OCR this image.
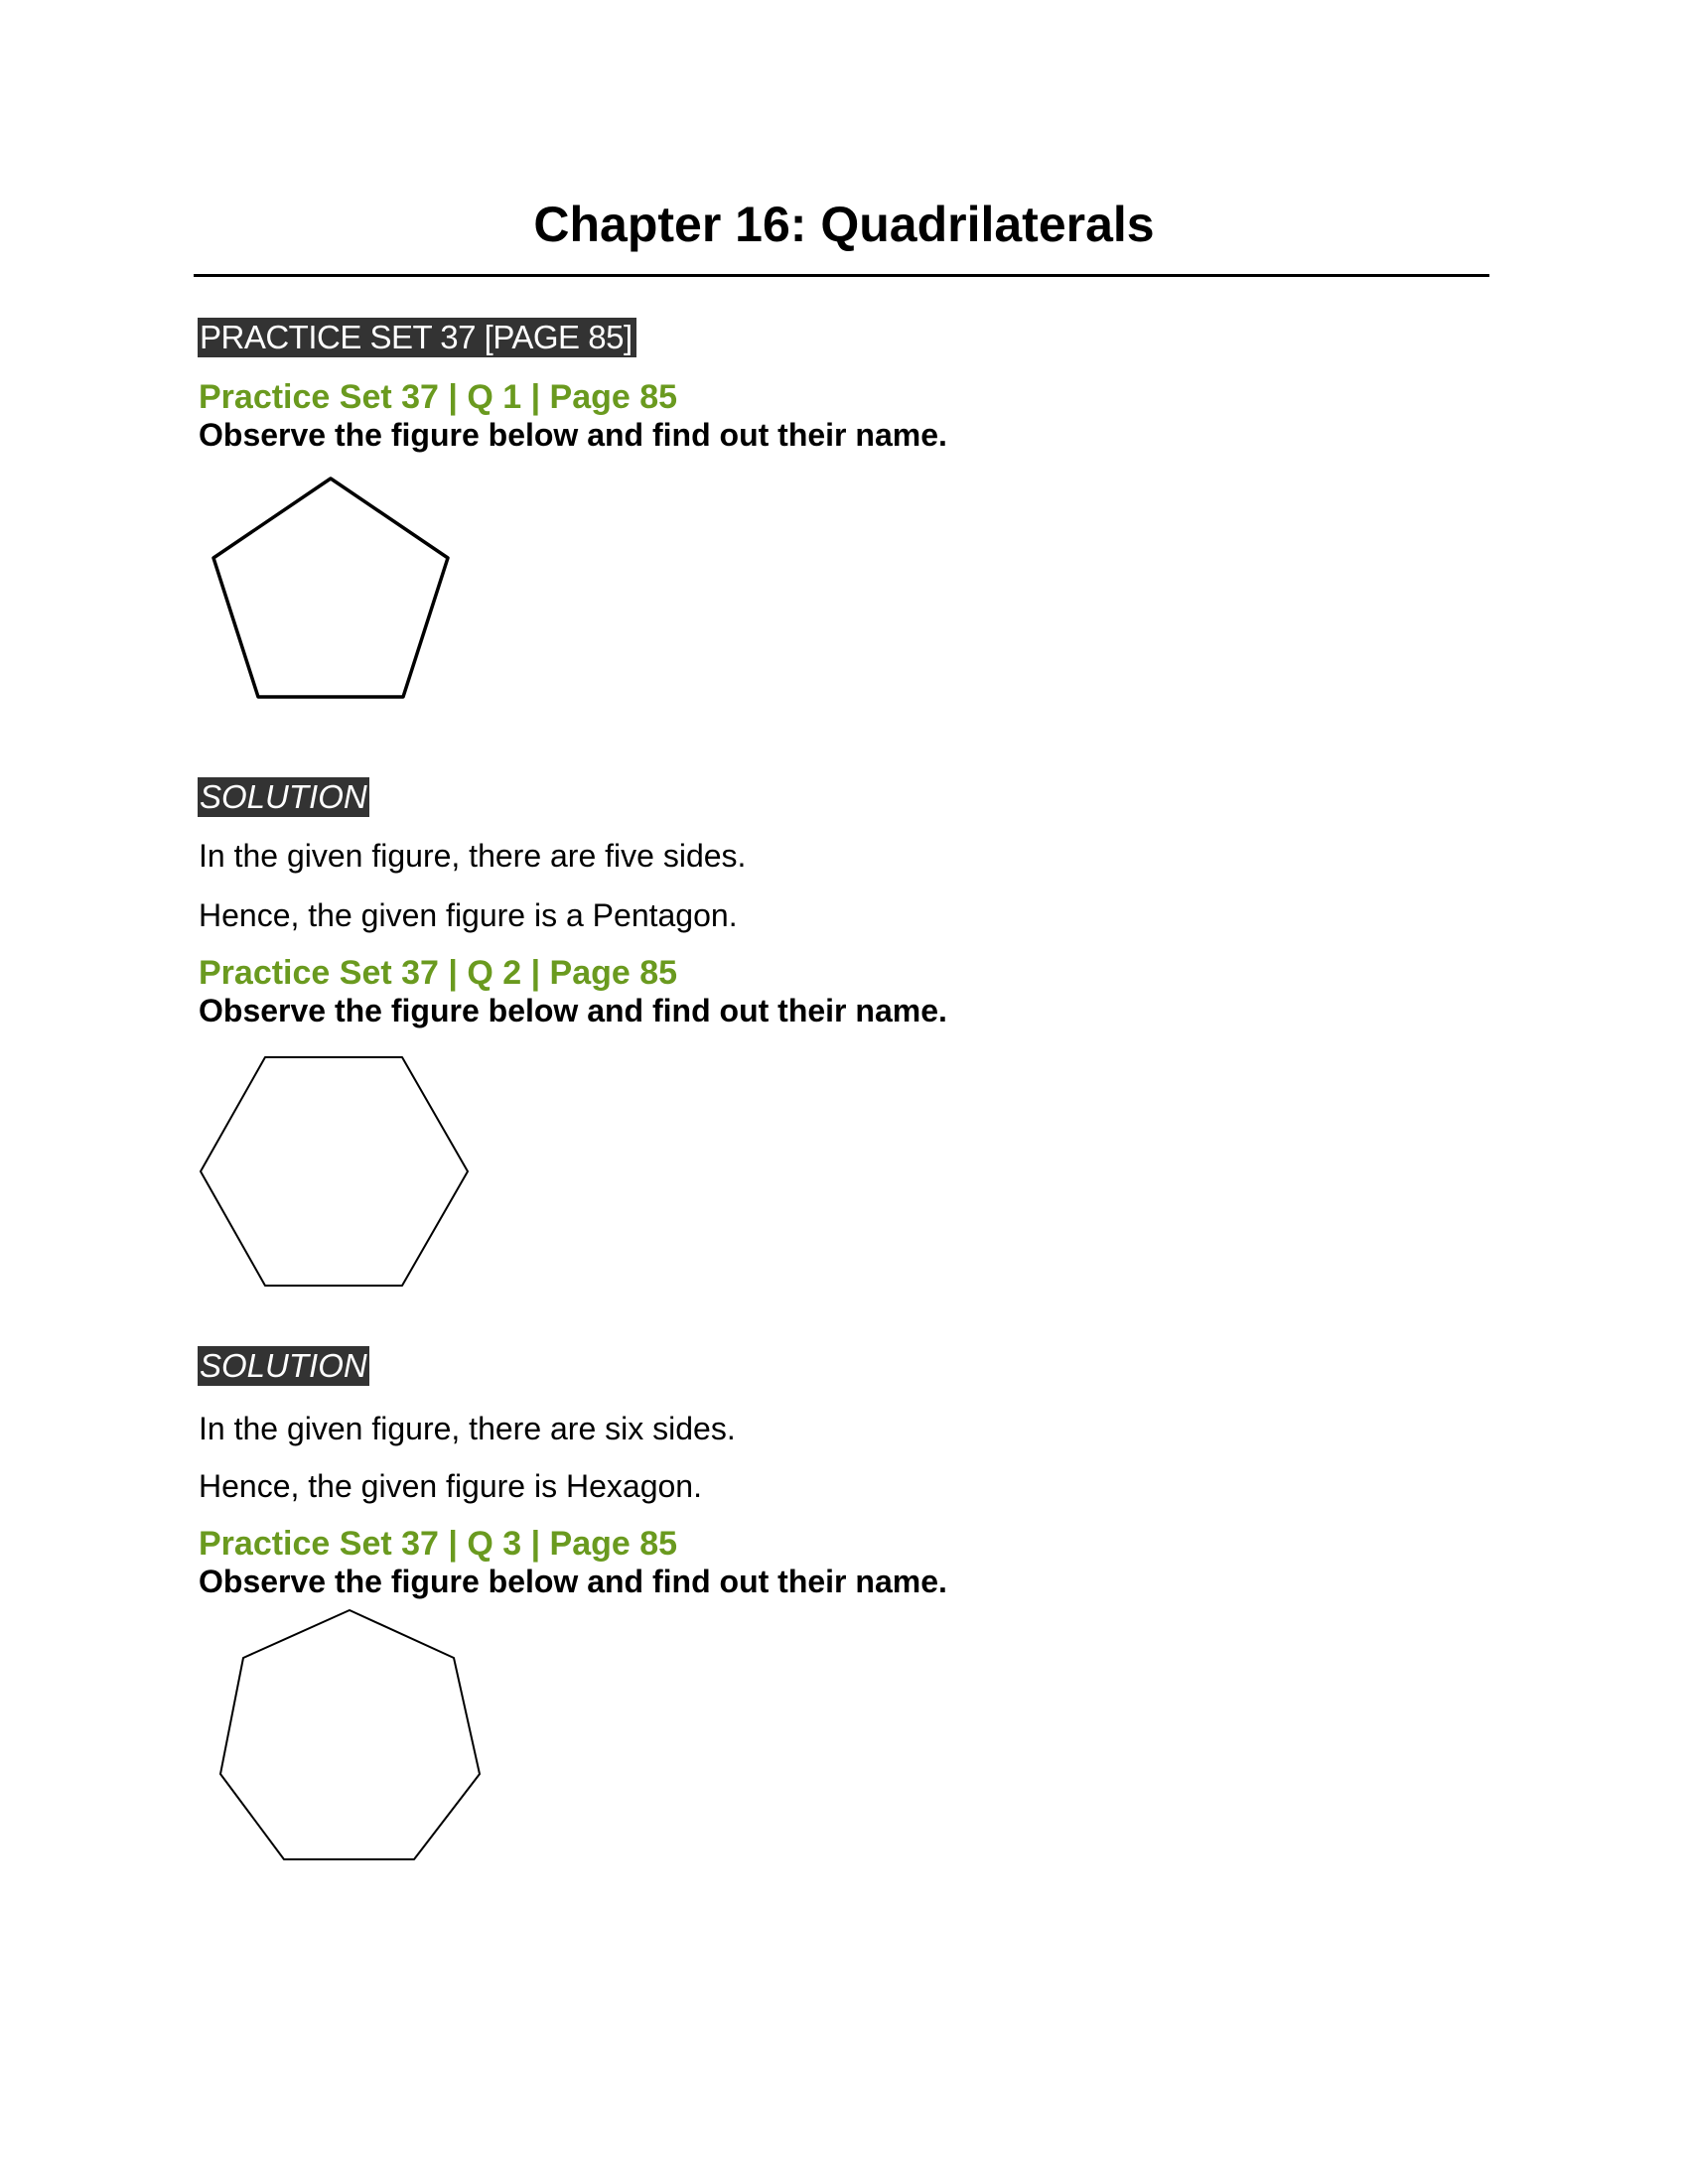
Chapter 16: Quadrilaterals
PRACTICE SET 37 [PAGE 85]
Practice Set 37 | Q 1 | Page 85
Observe the figure below and find out their name.
SOLUTION
In the given figure, there are five sides.
Hence, the given figure is a Pentagon.
Practice Set 37 | Q 2 | Page 85
Observe the figure below and find out their name.
SOLUTION
In the given figure, there are six sides.
Hence, the given figure is Hexagon.
Practice Set 37 | Q 3 | Page 85
Observe the figure below and find out their name.
